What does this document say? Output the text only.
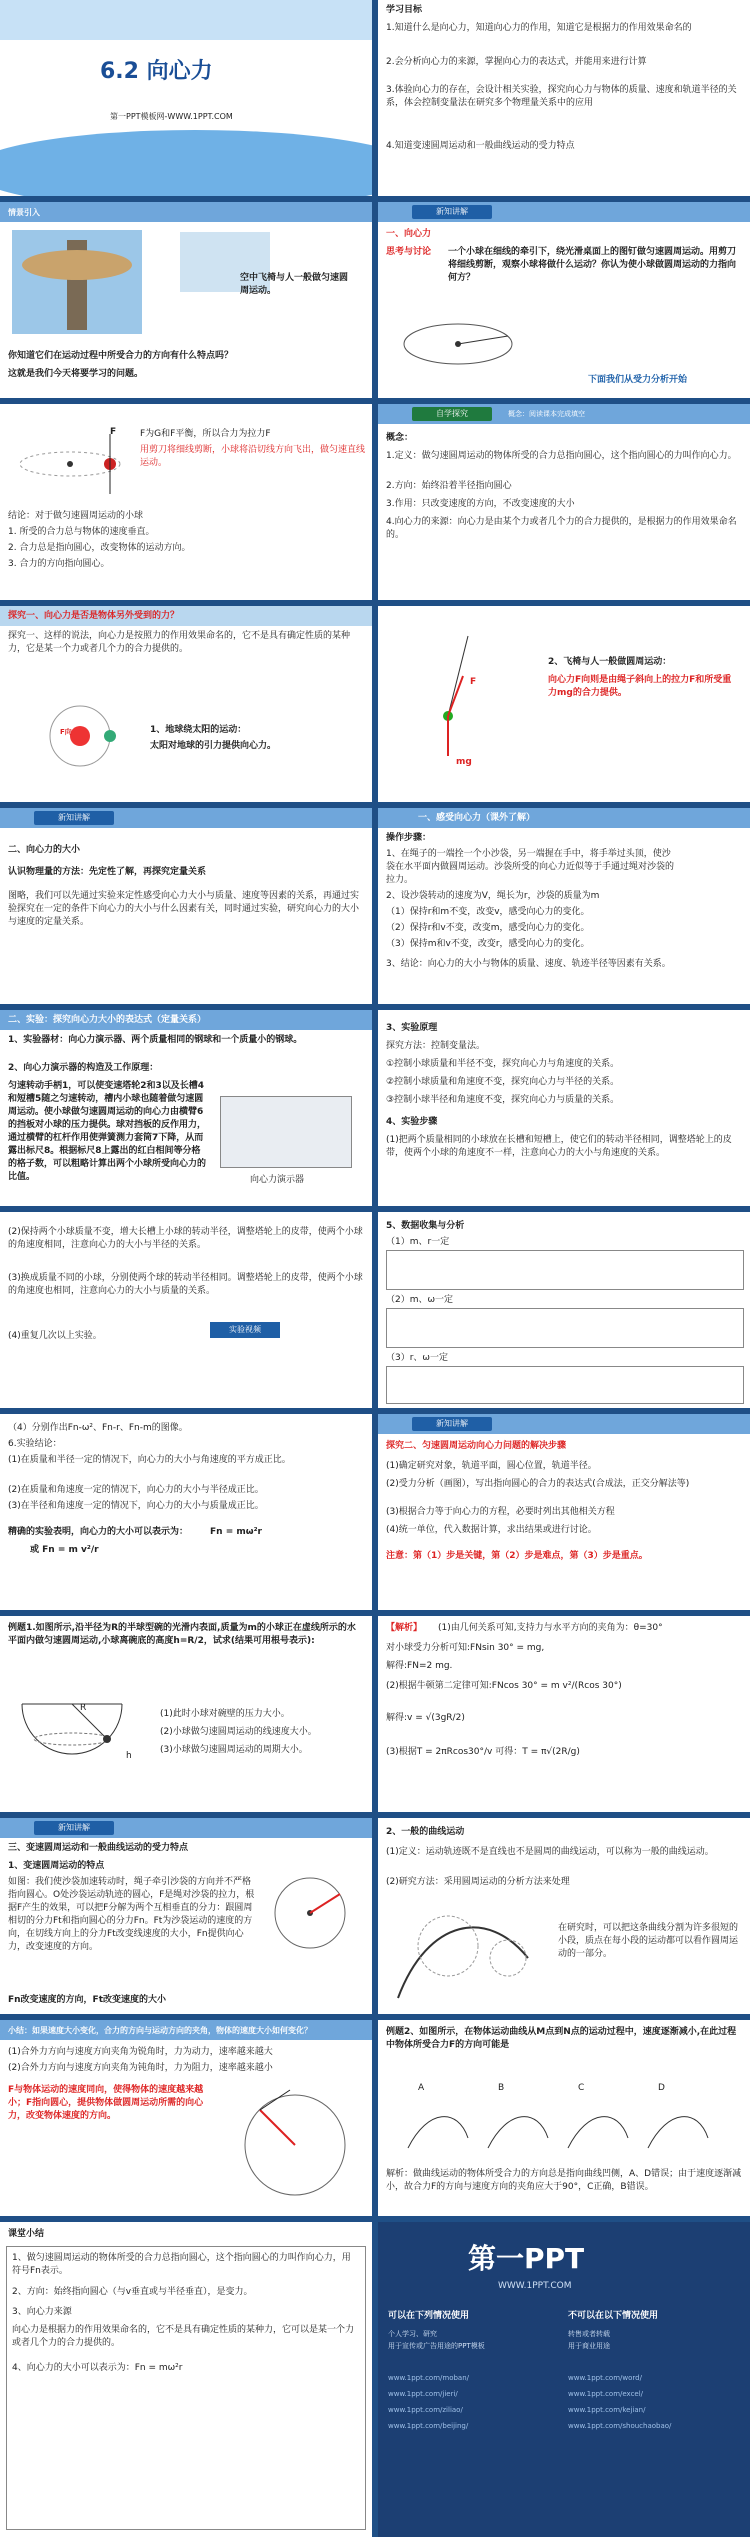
6.2 向心力
第一PPT模板网-WWW.1PPT.COM
学习目标
1.知道什么是向心力，知道向心力的作用，知道它是根据力的作用效果命名的
2.会分析向心力的来源，掌握向心力的表达式，并能用来进行计算
3.体验向心力的存在，会设计相关实验，探究向心力与物体的质量、速度和轨道半径的关系，体会控制变量法在研究多个物理量关系中的应用
4.知道变速圆周运动和一般曲线运动的受力特点
情景引入
空中飞椅与人一般做匀速圆周运动。
你知道它们在运动过程中所受合力的方向有什么特点吗？
这就是我们今天将要学习的问题。
新知讲解
一、向心力
思考与讨论 一个小球在细线的牵引下，绕光滑桌面上的图钉做匀速圆周运动。用剪刀将细线剪断，观察小球将做什么运动？你认为使小球做圆周运动的力指向何方？
下面我们从受力分析开始
F	F为G和F平衡，所以合力为拉力F
用剪刀将细线剪断，小球将沿切线方向飞出，做匀速直线运动。
结论：对于做匀速圆周运动的小球
1. 所受的合力总与物体的速度垂直。
2. 合力总是指向圆心，改变物体的运动方向。
3. 合力的方向指向圆心。
自学探究	概念：阅读课本完成填空
概念：
1.定义：做匀速圆周运动的物体所受的合力总指向圆心，这个指向圆心的力叫作向心力。
2.方向：始终沿着半径指向圆心
3.作用：只改变速度的方向，不改变速度的大小
4.向心力的来源：向心力是由某个力或者几个力的合力提供的，是根据力的作用效果命名的。
探究一、向心力是否是物体另外受到的力？
探究一、这样的说法，向心力是按照力的作用效果命名的，它不是具有确定性质的某种力，它是某一个力或者几个力的合力提供的。
F向	1、地球绕太阳的运动：
太阳对地球的引力提供向心力。
mg
F
2、飞椅与人一般做圆周运动：
向心力F向则是由绳子斜向上的拉力F和所受重力mg的合力提供。
新知讲解
二、向心力的大小
认识物理量的方法：先定性了解，再探究定量关系
图略，我们可以先通过实验来定性感受向心力大小与质量、速度等因素的关系，再通过实验探究在一定的条件下向心力的大小与什么因素有关，同时通过实验，研究向心力的大小与速度的定量关系。
一、感受向心力（课外了解）
操作步骤：
1、在绳子的一端拴一个小沙袋，另一端握在手中，将手举过头顶，使沙袋在水平面内做圆周运动。沙袋所受的向心力近似等于手通过绳对沙袋的拉力。
2、设沙袋转动的速度为V，绳长为r，沙袋的质量为m
（1）保持r和m不变，改变v，感受向心力的变化。
（2）保持r和v不变，改变m，感受向心力的变化。
（3）保持m和v不变，改变r，感受向心力的变化。
3、结论：向心力的大小与物体的质量、速度、轨迹半径等因素有关系。
二、实验：探究向心力大小的表达式（定量关系）
1、实验器材：向心力演示器、两个质量相同的钢球和一个质量小的钢球。
2、向心力演示器的构造及工作原理：
匀速转动手柄1，可以使变速塔轮2和3以及长槽4和短槽5随之匀速转动，槽内小球也随着做匀速圆周运动。使小球做匀速圆周运动的向心力由横臂6的挡板对小球的压力提供。球对挡板的反作用力，通过横臂的杠杆作用使弹簧测力套筒7下降，从而露出标尺8。根据标尺8上露出的红白相间等分格的格子数，可以粗略计算出两个小球所受向心力的比值。	向心力演示器
3、实验原理
探究方法：控制变量法。
①控制小球质量和半径不变，探究向心力与角速度的关系。
②控制小球质量和角速度不变，探究向心力与半径的关系。
③控制小球半径和角速度不变，探究向心力与质量的关系。
4、实验步骤
(1)把两个质量相同的小球放在长槽和短槽上，使它们的转动半径相同，调整塔轮上的皮带，使两个小球的角速度不一样，注意向心力的大小与角速度的关系。
(2)保持两个小球质量不变，增大长槽上小球的转动半径，调整塔轮上的皮带，使两个小球的角速度相同，注意向心力的大小与半径的关系。
(3)换成质量不同的小球，分别使两个球的转动半径相同。调整塔轮上的皮带，使两个小球的角速度也相同，注意向心力的大小与质量的关系。
(4)重复几次以上实验。
实验视频
5、数据收集与分析
（1）m、r一定
（2）m、ω一定
（3）r、ω一定
（4）分别作出Fn-ω²、Fn-r、Fn-m的图像。
6.实验结论：
(1)在质量和半径一定的情况下，向心力的大小与角速度的平方成正比。
(2)在质量和角速度一定的情况下，向心力的大小与半径成正比。
(3)在半径和角速度一定的情况下，向心力的大小与质量成正比。
精确的实验表明，向心力的大小可以表示为：	Fn = mω²r
或 Fn = m v²/r
新知讲解
探究二、匀速圆周运动向心力问题的解决步骤
(1)确定研究对象，轨道平面，圆心位置，轨道半径。
(2)受力分析（画图），写出指向圆心的合力的表达式(合成法，正交分解法等)
(3)根据合力等于向心力的方程，必要时列出其他相关方程
(4)统一单位，代入数据计算，求出结果或进行讨论。
注意：第（1）步是关键，第（2）步是难点，第（3）步是重点。
例题1.如图所示,沿半径为R的半球型碗的光滑内表面,质量为m的小球正在虚线所示的水平面内做匀速圆周运动,小球离碗底的高度h=R/2，试求(结果可用根号表示):
R
h
(1)此时小球对碗壁的压力大小。
(2)小球做匀速圆周运动的线速度大小。
(3)小球做匀速圆周运动的周期大小。
【解析】 (1)由几何关系可知,支持力与水平方向的夹角为：θ=30°
对小球受力分析可知:FNsin 30° = mg,
解得:FN=2 mg.
(2)根据牛顿第二定律可知:FNcos 30° = m v²/(Rcos 30°)
解得:v = √(3gR/2)
(3)根据T = 2πRcos30°/v 可得：T = π√(2R/g)
新知讲解
三、变速圆周运动和一般曲线运动的受力特点
1、变速圆周运动的特点
如图：我们使沙袋加速转动时，绳子牵引沙袋的方向并不严格指向圆心。O处沙袋运动轨迹的圆心，F是绳对沙袋的拉力，根据F产生的效果，可以把F分解为两个互相垂直的分力：跟圆周相切的分力Ft和指向圆心的分力Fn。Ft为沙袋运动的速度的方向，在切线方向上的分力Ft改变线速度的大小，Fn提供向心力，改变速度的方向。
Fn改变速度的方向，Ft改变速度的大小
2、一般的曲线运动
(1)定义：运动轨迹既不是直线也不是圆周的曲线运动，可以称为一般的曲线运动。
(2)研究方法：采用圆周运动的分析方法来处理
在研究时，可以把这条曲线分割为许多很短的小段，质点在每小段的运动都可以看作圆周运动的一部分。
小结：如果速度大小变化，合力的方向与运动方向的夹角，物体的速度大小如何变化？
(1)合外力方向与速度方向夹角为锐角时，力为动力，速率越来越大
(2)合外力方向与速度方向夹角为钝角时，力为阻力，速率越来越小
F与物体运动的速度同向，使得物体的速度越来越小；F指向圆心，提供物体做圆周运动所需的向心力，改变物体速度的方向。
例题2、如图所示，在物体运动曲线从M点到N点的运动过程中，速度逐渐减小,在此过程中物体所受合力F的方向可能是
A	B	C	D
解析：做曲线运动的物体所受合力的方向总是指向曲线凹侧，A、D错误；由于速度逐渐减小，故合力F的方向与速度方向的夹角应大于90°，C正确，B错误。
课堂小结
1、做匀速圆周运动的物体所受的合力总指向圆心，这个指向圆心的力叫作向心力，用符号Fn表示。
2、方向：始终指向圆心（与v垂直或与半径垂直），是变力。
3、向心力来源
向心力是根据力的作用效果命名的，它不是具有确定性质的某种力，它可以是某一个力或者几个力的合力提供的。
4、向心力的大小可以表示为：Fn = mω²r
第一PPT
WWW.1PPT.COM
可以在下列情况使用	不可以在以下情况使用
个人学习、研究
用于宣传或广告用途的PPT模板
转售或者转载
用于商业用途
www.1ppt.com/moban/
www.1ppt.com/jieri/
www.1ppt.com/ziliao/
www.1ppt.com/beijing/
www.1ppt.com/word/
www.1ppt.com/excel/
www.1ppt.com/kejian/
www.1ppt.com/shouchaobao/
